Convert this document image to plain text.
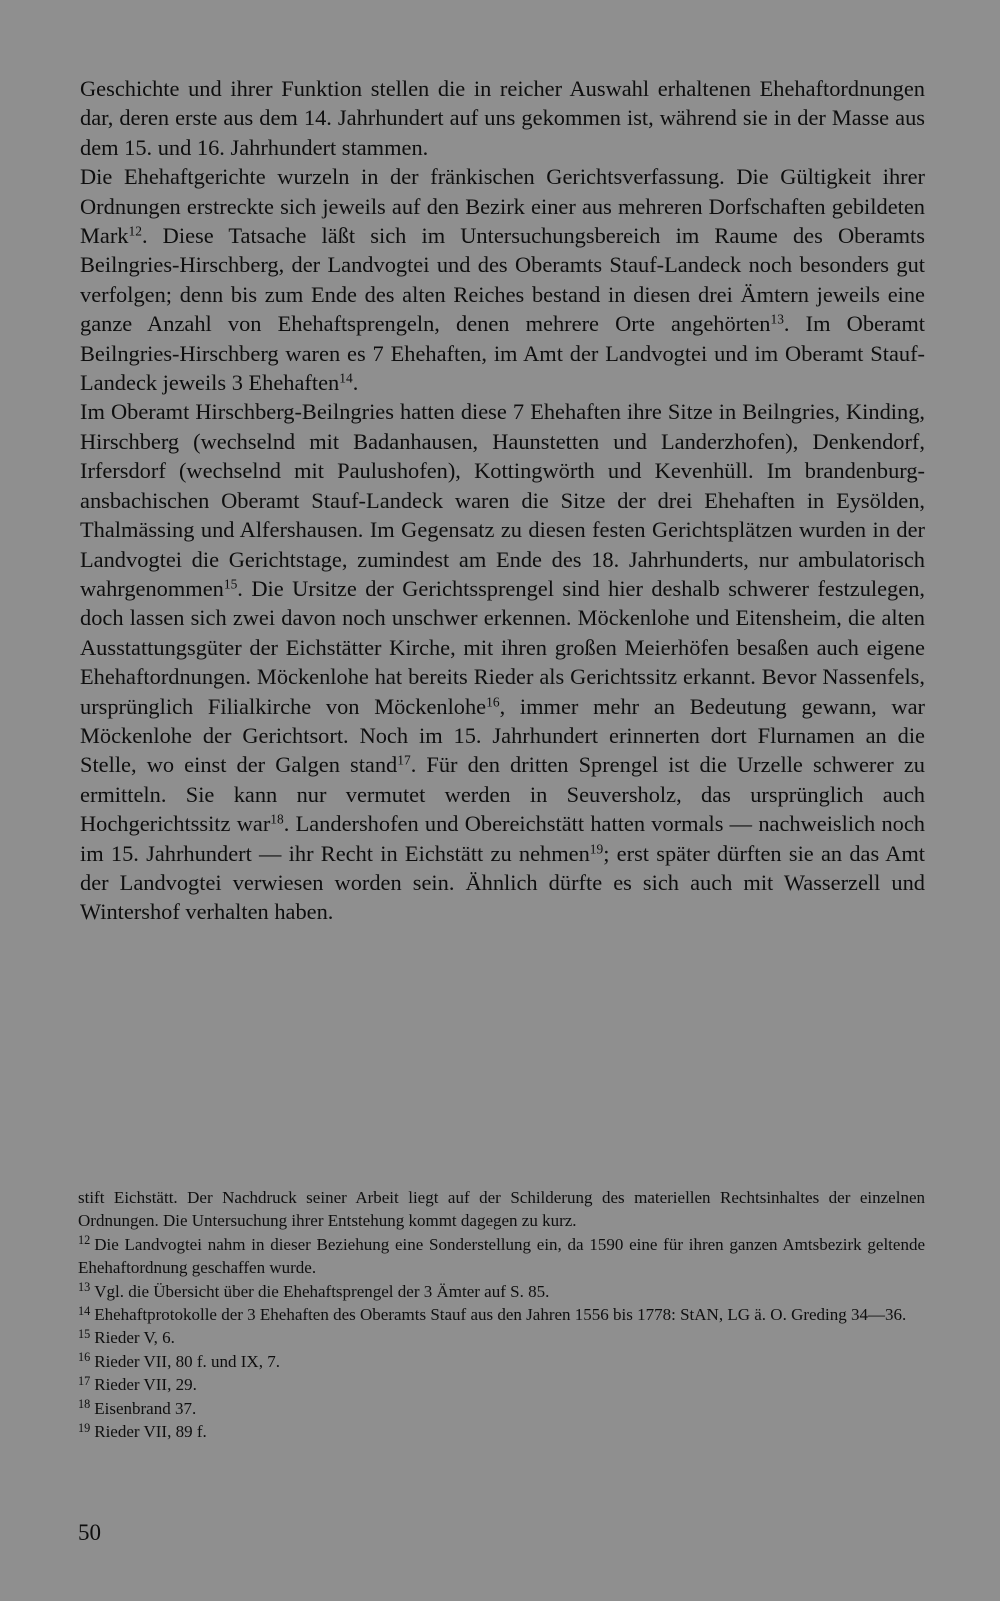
Geschichte und ihrer Funktion stellen die in reicher Auswahl erhaltenen Ehehaftordnungen dar, deren erste aus dem 14. Jahrhundert auf uns gekommen ist, während sie in der Masse aus dem 15. und 16. Jahrhundert stammen.

Die Ehehaftgerichte wurzeln in der fränkischen Gerichtsverfassung. Die Gültigkeit ihrer Ordnungen erstreckte sich jeweils auf den Bezirk einer aus mehreren Dorfschaften gebildeten Mark$^{12}$. Diese Tatsache läßt sich im Untersuchungsbereich im Raume des Oberamts Beilngries-Hirschberg, der Landvogtei und des Oberamts Stauf-Landeck noch besonders gut verfolgen; denn bis zum Ende des alten Reiches bestand in diesen drei Ämtern jeweils eine ganze Anzahl von Ehehaftsprengeln, denen mehrere Orte angehörten$^{13}$. Im Oberamt Beilngries-Hirschberg waren es 7 Ehehaften, im Amt der Landvogtei und im Oberamt Stauf-Landeck jeweils 3 Ehehaften$^{14}$.

Im Oberamt Hirschberg-Beilngries hatten diese 7 Ehehaften ihre Sitze in Beilngries, Kinding, Hirschberg (wechselnd mit Badanhausen, Haunstetten und Landerzhofen), Denkendorf, Irfersdorf (wechselnd mit Paulushofen), Kottingwörth und Kevenhüll. Im brandenburg-ansbachischen Oberamt Stauf-Landeck waren die Sitze der drei Ehehaften in Eysölden, Thalmässing und Alfershausen. Im Gegensatz zu diesen festen Gerichtsplätzen wurden in der Landvogtei die Gerichtstage, zumindest am Ende des 18. Jahrhunderts, nur ambulatorisch wahrgenommen$^{15}$. Die Ursitze der Gerichtssprengel sind hier deshalb schwerer festzulegen, doch lassen sich zwei davon noch unschwer erkennen. Möckenlohe und Eitensheim, die alten Ausstattungsgüter der Eichstätter Kirche, mit ihren großen Meierhöfen besaßen auch eigene Ehehaftordnungen. Möckenlohe hat bereits Rieder als Gerichtssitz erkannt. Bevor Nassenfels, ursprünglich Filialkirche von Möckenlohe$^{16}$, immer mehr an Bedeutung gewann, war Möckenlohe der Gerichtsort. Noch im 15. Jahrhundert erinnerten dort Flurnamen an die Stelle, wo einst der Galgen stand$^{17}$. Für den dritten Sprengel ist die Urzelle schwerer zu ermitteln. Sie kann nur vermutet werden in Seuversholz, das ursprünglich auch Hochgerichtssitz war$^{18}$. Landershofen und Obereichstätt hatten vormals — nachweislich noch im 15. Jahrhundert — ihr Recht in Eichstätt zu nehmen$^{19}$; erst später dürften sie an das Amt der Landvogtei verwiesen worden sein. Ähnlich dürfte es sich auch mit Wasserzell und Wintershof verhalten haben.

stift Eichstätt. Der Nachdruck seiner Arbeit liegt auf der Schilderung des materiellen Rechtsinhaltes der einzelnen Ordnungen. Die Untersuchung ihrer Entstehung kommt dagegen zu kurz.

$^{12}$ Die Landvogtei nahm in dieser Beziehung eine Sonderstellung ein, da 1590 eine für ihren ganzen Amtsbezirk geltende Ehehaftordnung geschaffen wurde.

$^{13}$ Vgl. die Übersicht über die Ehehaftsprengel der 3 Ämter auf S. 85.

$^{14}$ Ehehaftprotokolle der 3 Ehehaften des Oberamts Stauf aus den Jahren 1556 bis 1778: StAN, LG ä. O. Greding 34—36.

$^{15}$ Rieder V, 6.

$^{16}$ Rieder VII, 80 f. und IX, 7.

$^{17}$ Rieder VII, 29.

$^{18}$ Eisenbrand 37.

$^{19}$ Rieder VII, 89 f.

50
